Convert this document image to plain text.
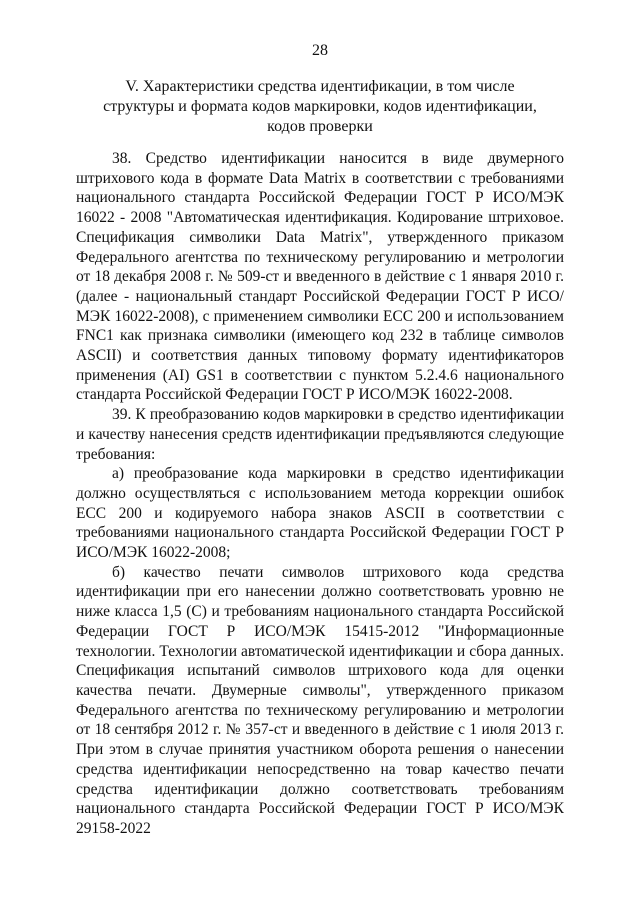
28
V. Характеристики средства идентификации, в том числе
структуры и формата кодов маркировки, кодов идентификации,
кодов проверки

38. Средство идентификации наносится в виде двумерного штрихового кода в формате Data Matrix в соответствии с требованиями национального стандарта Российской Федерации ГОСТ Р ИСО/МЭК 16022 - 2008 "Автоматическая идентификация. Кодирование штриховое. Спецификация символики Data Matrix", утвержденного приказом Федерального агентства по техническому регулированию и метрологии от 18 декабря 2008 г. № 509-ст и введенного в действие с 1 января 2010 г. (далее - национальный стандарт Российской Федерации ГОСТ Р ИСО/МЭК 16022-2008), с применением символики ECC 200 и использованием FNC1 как признака символики (имеющего код 232 в таблице символов ASCII) и соответствия данных типовому формату идентификаторов применения (AI) GS1 в соответствии с пунктом 5.2.4.6 национального стандарта Российской Федерации ГОСТ Р ИСО/МЭК 16022-2008.

39. К преобразованию кодов маркировки в средство идентификации и качеству нанесения средств идентификации предъявляются следующие требования:

а) преобразование кода маркировки в средство идентификации должно осуществляться с использованием метода коррекции ошибок ECC 200 и кодируемого набора знаков ASCII в соответствии с требованиями национального стандарта Российской Федерации ГОСТ Р ИСО/МЭК 16022-2008;

б) качество печати символов штрихового кода средства идентификации при его нанесении должно соответствовать уровню не ниже класса 1,5 (C) и требованиям национального стандарта Российской Федерации ГОСТ Р ИСО/МЭК 15415-2012 "Информационные технологии. Технологии автоматической идентификации и сбора данных. Спецификация испытаний символов штрихового кода для оценки качества печати. Двумерные символы", утвержденного приказом Федерального агентства по техническому регулированию и метрологии от 18 сентября 2012 г. № 357-ст и введенного в действие с 1 июля 2013 г. При этом в случае принятия участником оборота решения о нанесении средства идентификации непосредственно на товар качество печати средства идентификации должно соответствовать требованиям национального стандарта Российской Федерации ГОСТ Р ИСО/МЭК 29158-2022
